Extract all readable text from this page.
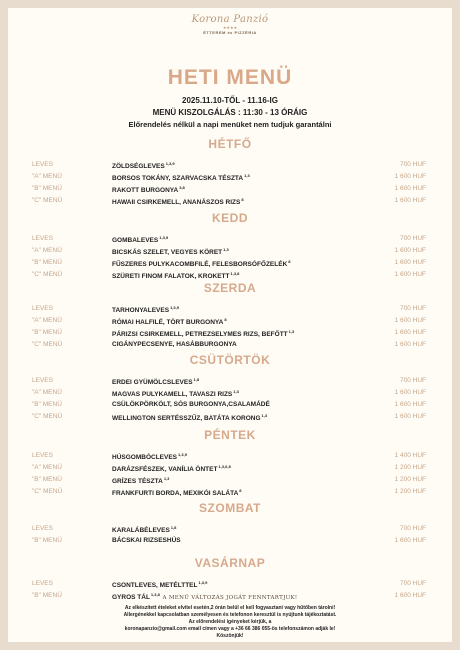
Korona Panzió
★★★★
ÉTTEREM és PIZZÉRIA
HETI MENÜ
2025.11.10-TŐL - 11.16-IG
MENÜ KISZOLGÁLÁS : 11:30 - 13 ÓRÁIG
Előrendelés nélkül a napi menüket nem tudjuk garantálni
HÉTFŐ
LEVES	ZÖLDSÉGLEVES$^{1,3,9}$	700 HUF
"A" MENÜ	BORSOS TOKÁNY, SZARVACSKA TÉSZTA$^{1,3}$	1 600 HUF
"B" MENÜ	RAKOTT BURGONYA$^{3,8}$	1 600 HUF
"C" MENÜ	HAWAII CSIRKEMELL, ANANÁSZOS RIZS$^8$	1 600 HUF
KEDD
LEVES	GOMBALEVES$^{1,3,9}$	700 HUF
"A" MENÜ	BICSKÁS SZELET, VEGYES KÖRET$^{1,3}$	1 600 HUF
"B" MENÜ	FŰSZERES PULYKACOMBFILÉ, FELESBORSÓFŐZELÉK$^8$	1 600 HUF
"C" MENÜ	SZÜRETI FINOM FALATOK, KROKETT$^{1,3,8}$	1 600 HUF
SZERDA
LEVES	TARHONYALEVES$^{1,3,9}$	700 HUF
"A" MENÜ	RÓMAI HALFILÉ, TÖRT BURGONYA$^8$	1 600 HUF
"B" MENÜ	PÁRIZSI CSIRKEMELL, PETREZSELYMES RIZS, BEFŐTT$^{1,3}$	1 600 HUF
"C" MENÜ	CIGÁNYPECSENYE, HASÁBBURGONYA	1 600 HUF
CSÜTÖRTÖK
LEVES	ERDEI GYÜMÖLCSLEVES$^{1,8}$	700 HUF
"A" MENÜ	MAGVAS PULYKAMELL, TAVASZI RIZS$^{1,3}$	1 600 HUF
"B" MENÜ	CSÜLÖKPÖRKÖLT, SÓS BURGONYA,CSALAMÁDÉ	1 600 HUF
"C" MENÜ	WELLINGTON SERTÉSSZŰZ, BATÁTA KORONG$^{1,3}$	1 600 HUF
PÉNTEK
LEVES	HÚSGOMBÓCLEVES$^{1,3,9}$	1 400 HUF
"A" MENÜ	DARÁZSFÉSZEK, VANÍLIA ÖNTET$^{1,3,6,8}$	1 200 HUF
"B" MENÜ	GRÍZES TÉSZTA$^{1,3}$	1 200 HUF
"C" MENÜ	FRANKFURTI BORDA, MEXIKÓI SALÁTA$^8$	1 200 HUF
SZOMBAT
LEVES	KARALÁBÉLEVES$^{1,8}$	700 HUF
"B" MENÜ	BÁCSKAI RIZSESHÚS	1 600 HUF
VASÁRNAP
LEVES	CSONTLEVES, METÉLTTEL$^{1,3,9}$	700 HUF
"B" MENÜ	GYROS TÁL$^{1,3,8}$	1 600 HUF
A MENÜ VÁLTOZÁS JOGÁT FENNTARTJUK!
Az elkészített ételeket elvitel esetén,2 órán belül el kell fogyasztani vagy hűtőben tárolni!
Allergénekkel kapcsolatban személyesen és telefonon keresztül is nyújtunk tájékoztatást.
Az előrendelési igényeket kérjük, a
koronapanzio@gmail.com email címen vagy a +36 66 386 055-ös telefonszámon adják le!
Köszönjük!
